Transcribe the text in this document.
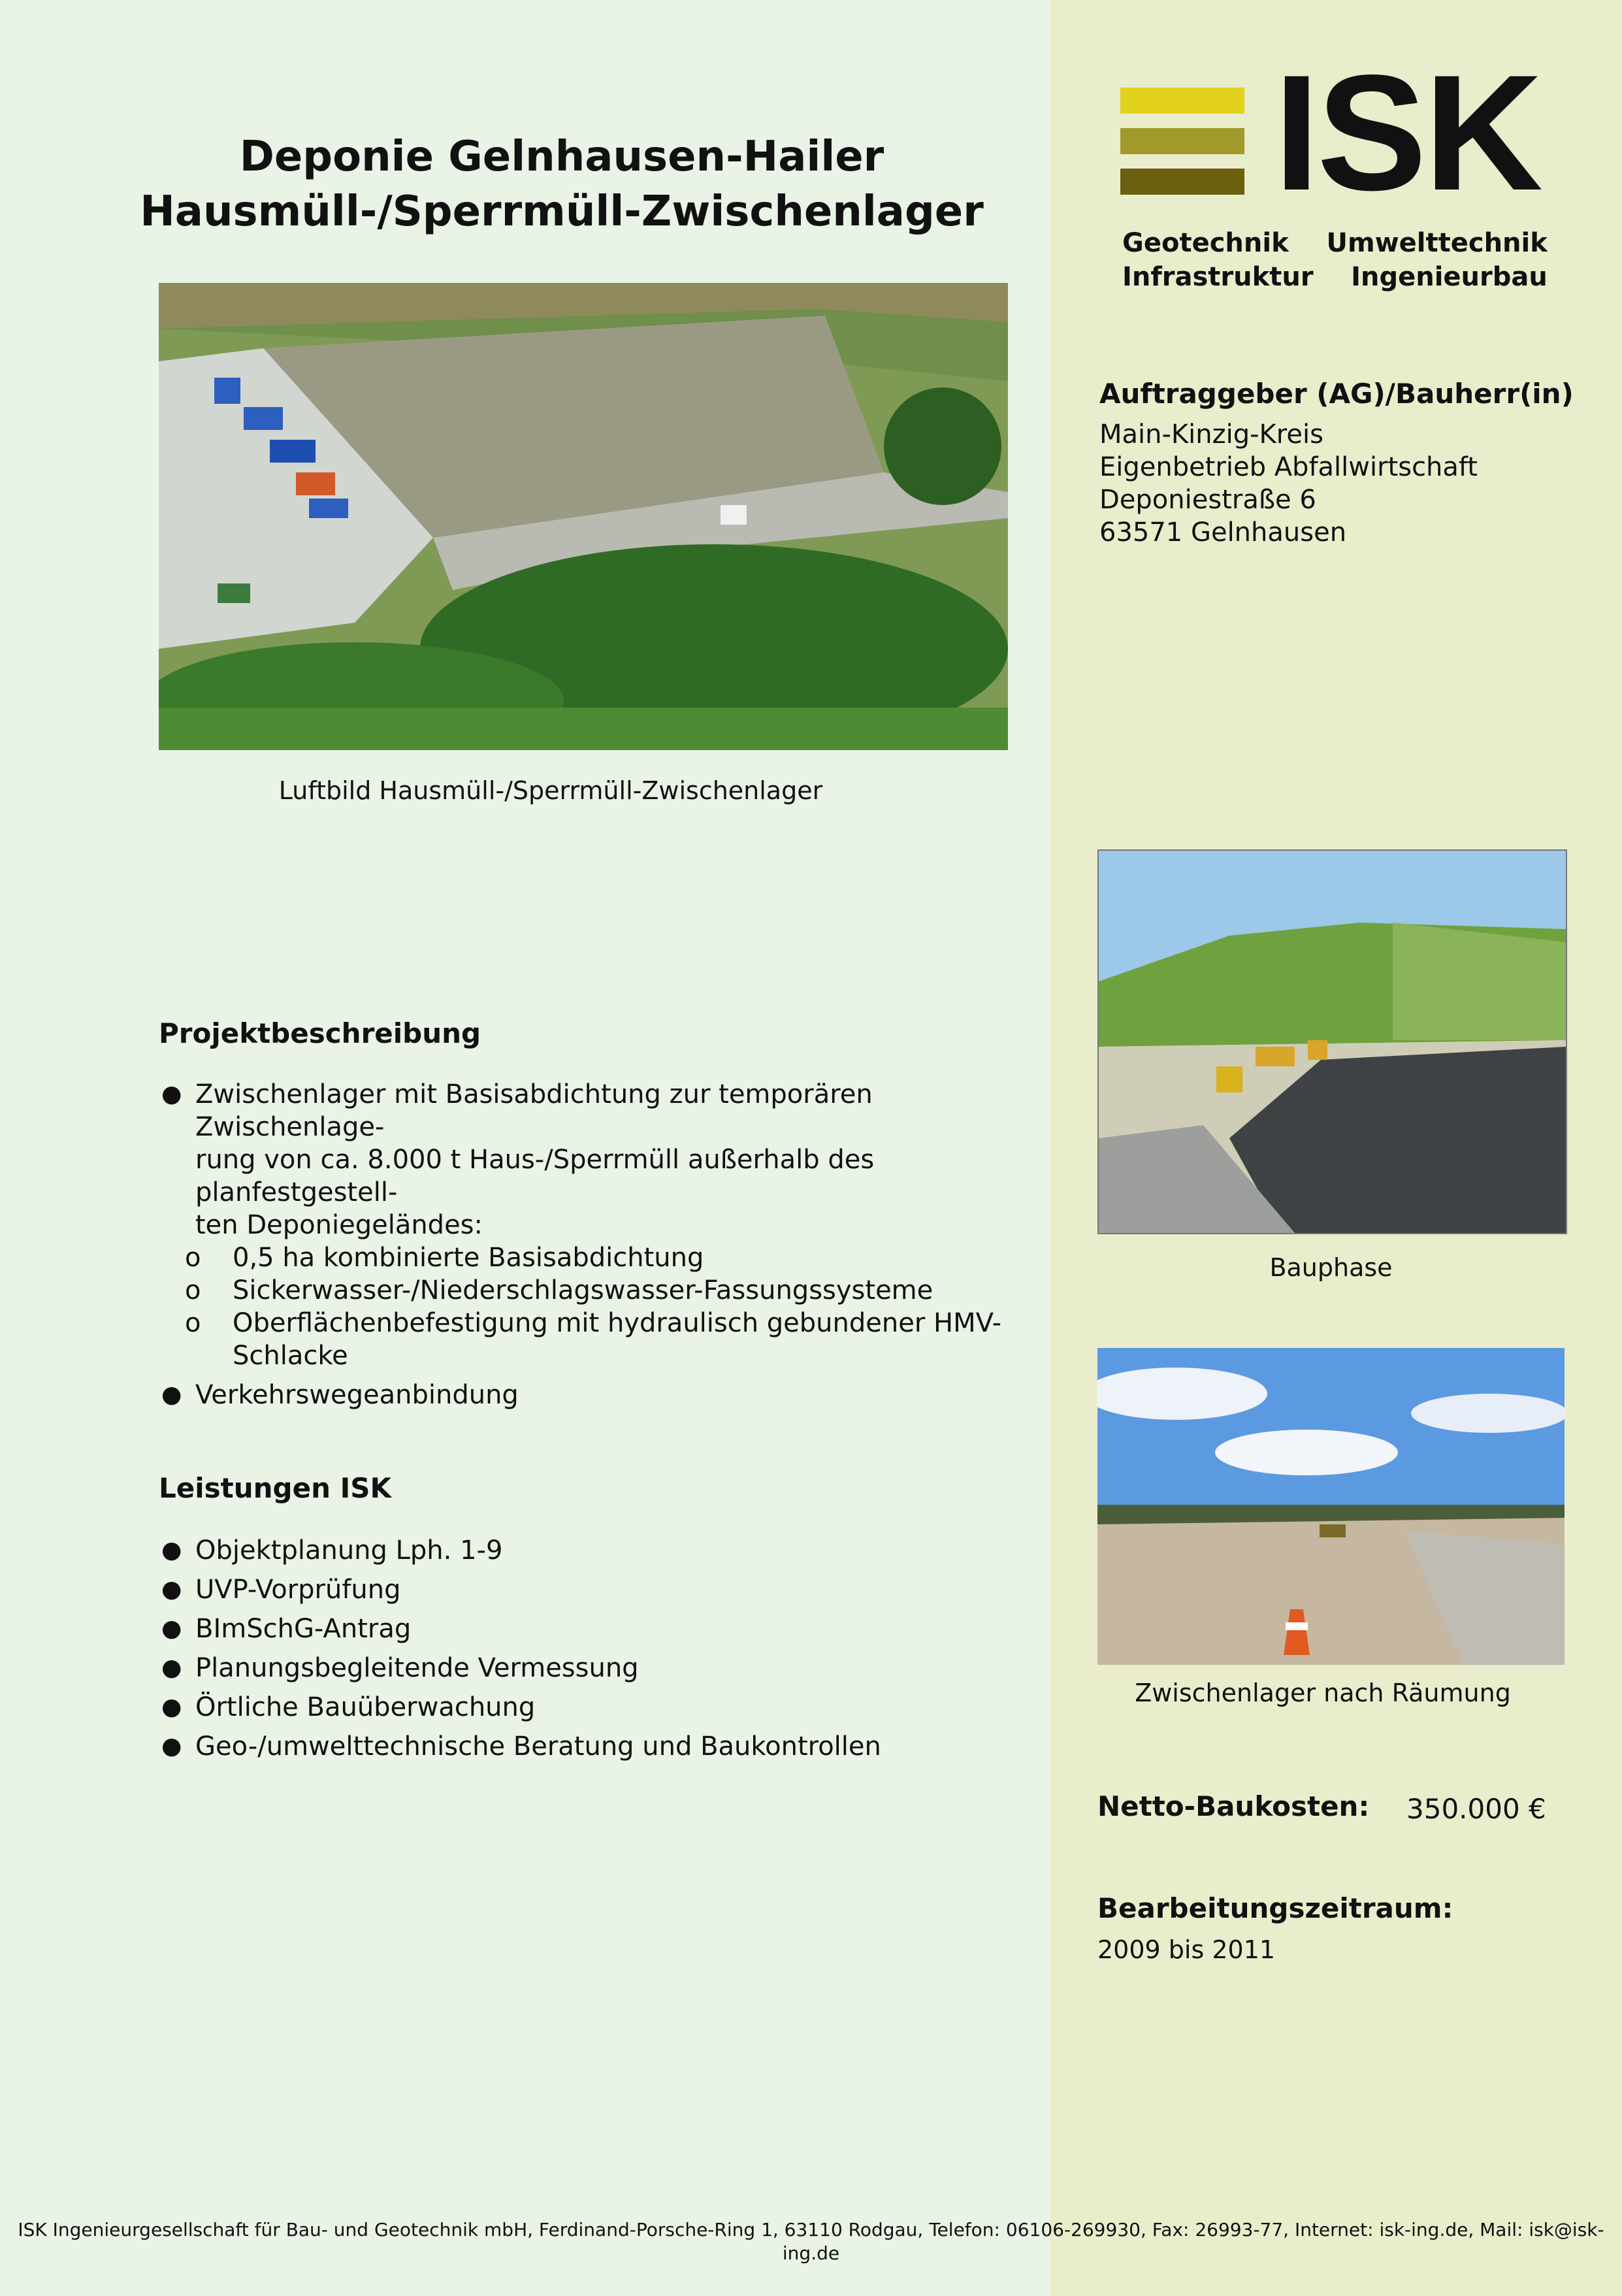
Deponie Gelnhausen-Hailer
Hausmüll-/Sperrmüll-Zwischenlager ISK
Geotechnik	Umwelttechnik
Infrastruktur	Ingenieurbau
Luftbild Hausmüll-/Sperrmüll-Zwischenlager
Auftraggeber (AG)/Bauherr(in)
Main-Kinzig-Kreis
Eigenbetrieb Abfallwirtschaft
Deponiestraße 6
63571 Gelnhausen
Bauphase
Zwischenlager nach Räumung
Projektbeschreibung
● Zwischenlager mit Basisabdichtung zur temporären Zwischenlage-
rung von ca. 8.000 t Haus-/Sperrmüll außerhalb des planfestgestell-
ten Deponiegeländes:
o 0,5 ha kombinierte Basisabdichtung
o Sickerwasser-/Niederschlagswasser-Fassungssysteme
o Oberflächenbefestigung mit hydraulisch gebundener HMV-
Schlacke
● Verkehrswegeanbindung
Leistungen ISK
● Objektplanung Lph. 1-9
● UVP-Vorprüfung
● BImSchG-Antrag
● Planungsbegleitende Vermessung
● Örtliche Bauüberwachung
● Geo-/umwelttechnische Beratung und Baukontrollen
Netto-Baukosten: 350.000 €
Bearbeitungszeitraum:
2009 bis 2011
ISK Ingenieurgesellschaft für Bau- und Geotechnik mbH, Ferdinand-Porsche-Ring 1, 63110 Rodgau, Telefon: 06106-269930, Fax: 26993-77, Internet: isk-ing.de, Mail: isk@isk-ing.de
